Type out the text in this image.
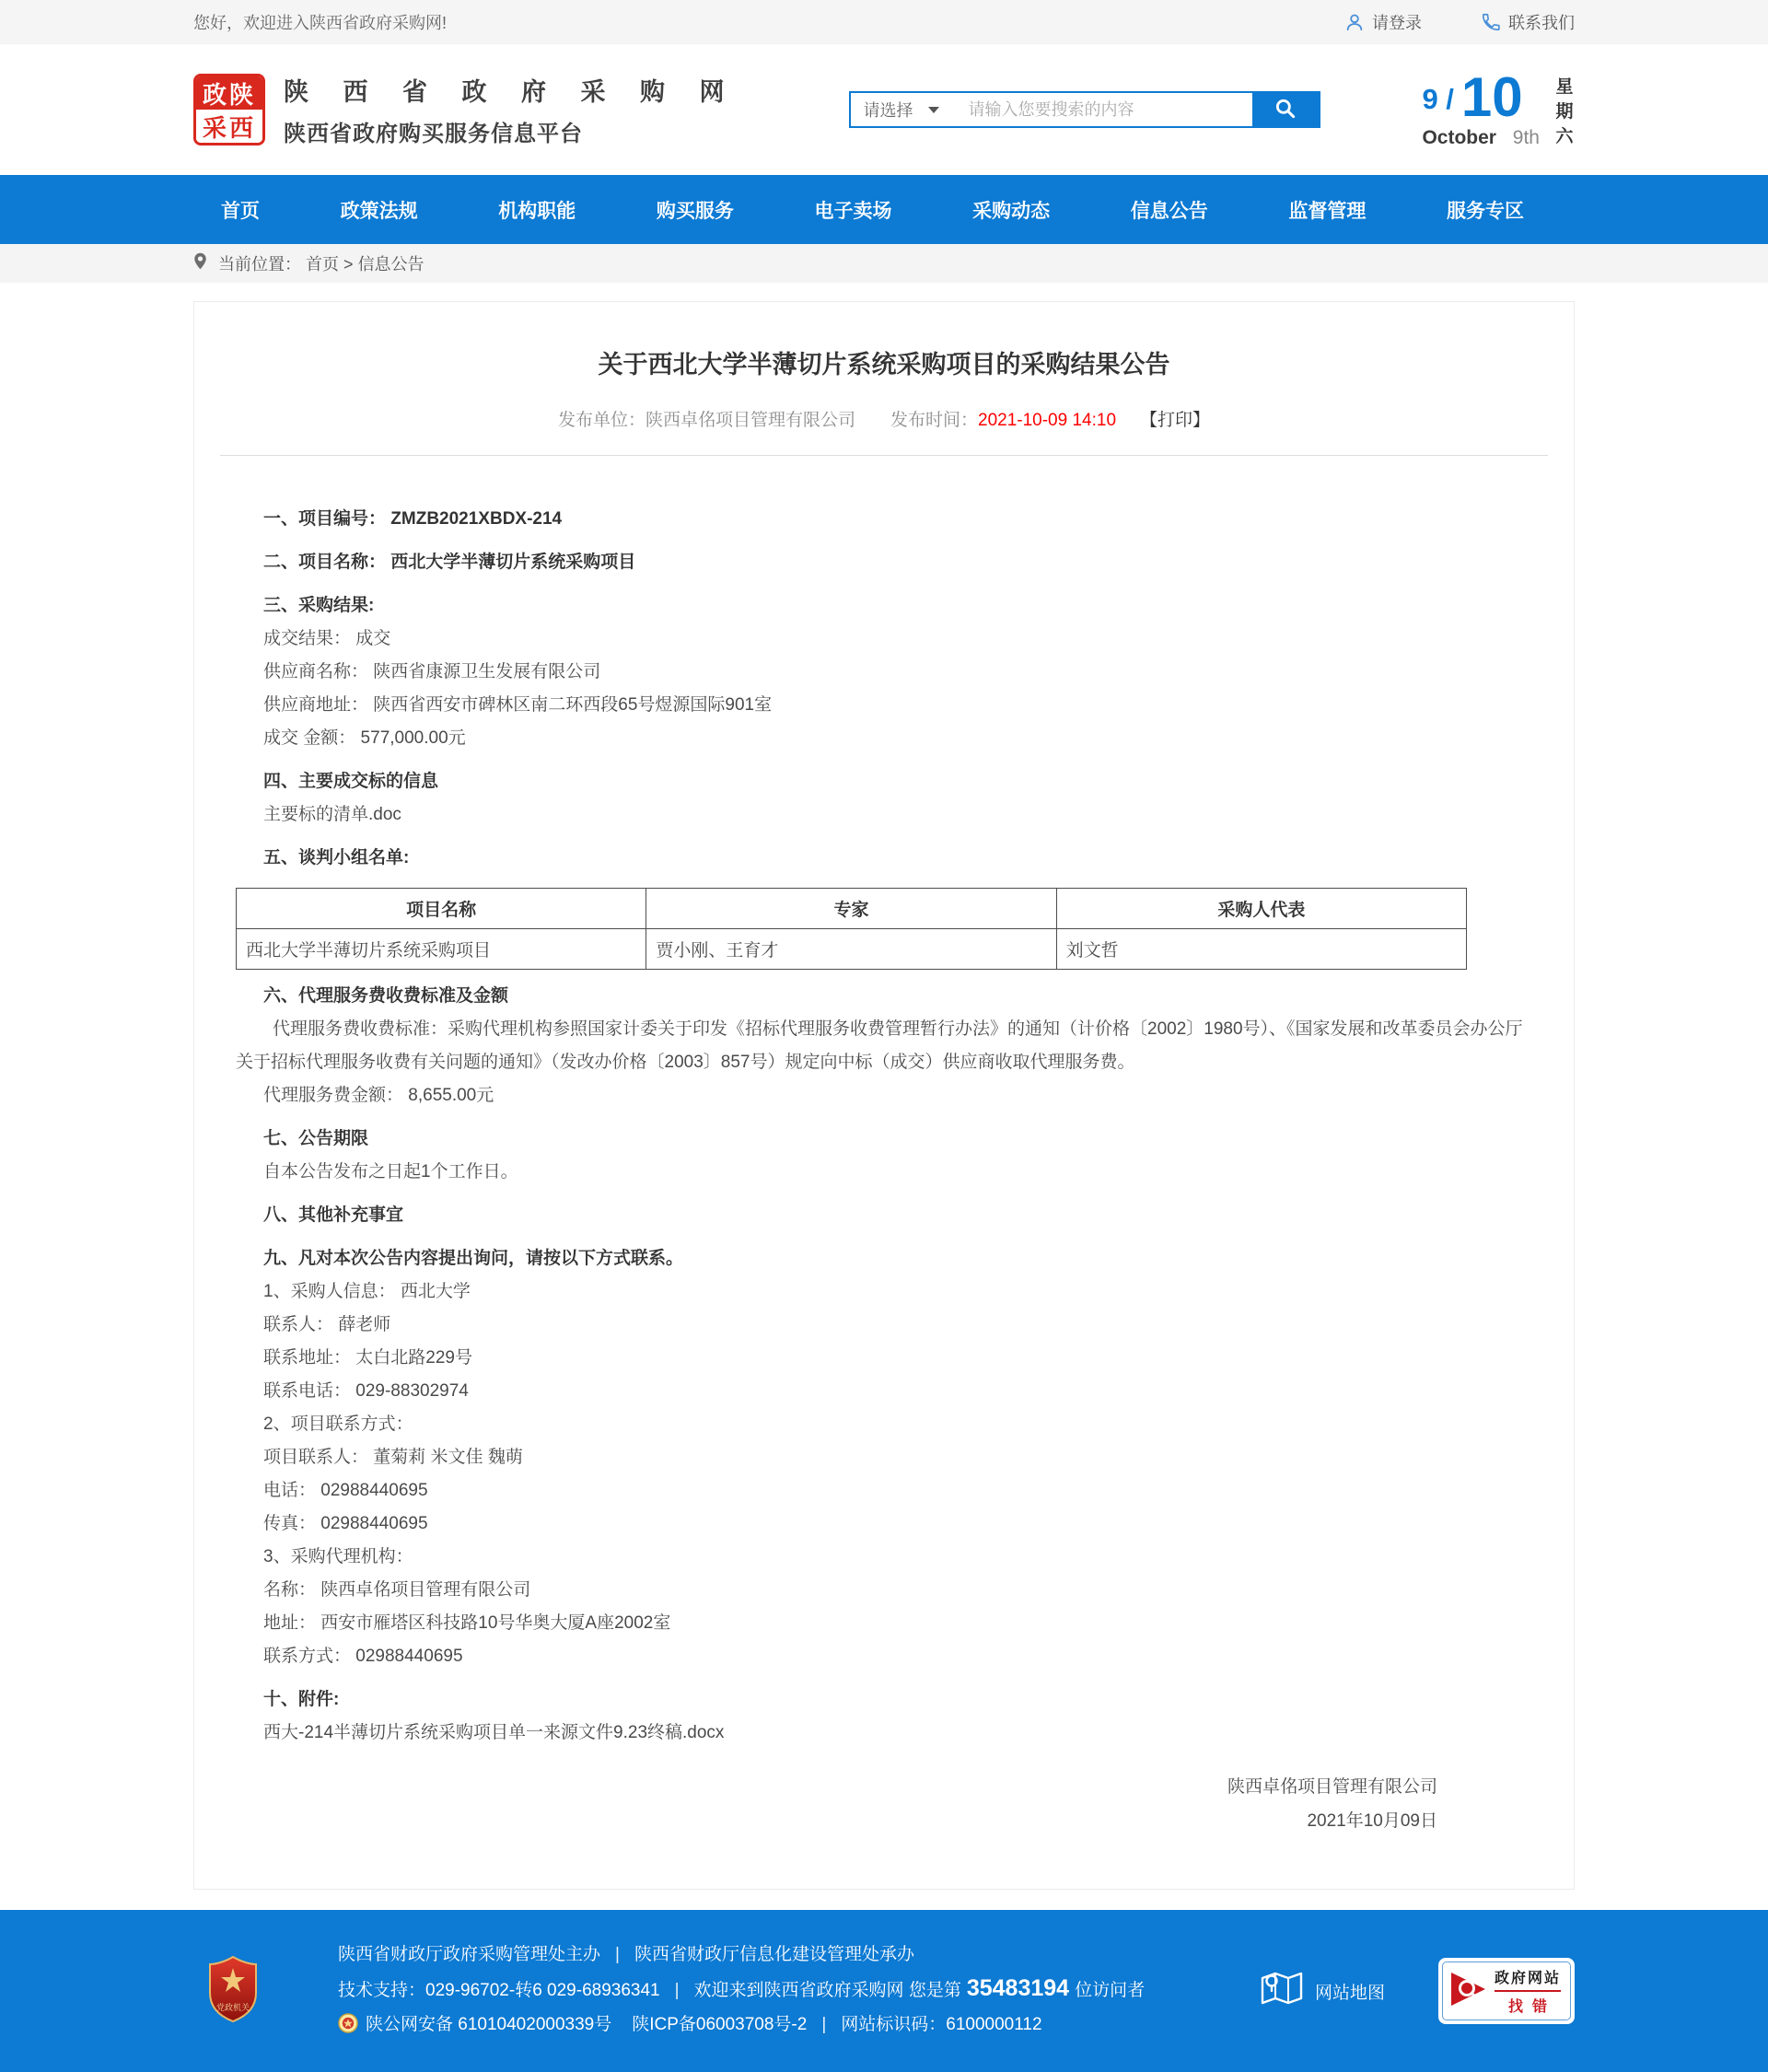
您好，欢迎进入陕西省政府采购网!	请登录	联系我们
政陕
采西
陕 西 省 政 府 采 购 网
陕西省政府购买服务信息平台
请选择
请输入您要搜索的内容	9 / 10
October 9th
星期六
首页	政策法规	机构职能	购买服务	电子卖场	采购动态	信息公告	监督管理	服务专区
当前位置： 首页 > 信息公告
关于西北大学半薄切片系统采购项目的采购结果公告
发布单位：陕西卓佲项目管理有限公司 发布时间：2021-10-09 14:10 【打印】

一、项目编号： ZMZB2021XBDX-214

二、项目名称： 西北大学半薄切片系统采购项目

三、采购结果:

成交结果： 成交

供应商名称： 陕西省康源卫生发展有限公司

供应商地址： 陕西省西安市碑林区南二环西段65号煜源国际901室

成交 金额： 577,000.00元

四、主要成交标的信息

主要标的清单.doc

五、谈判小组名单:

项目名称	专家	采购人代表
西北大学半薄切片系统采购项目	贾小刚、王育才	刘文哲

六、代理服务费收费标准及金额

代理服务费收费标准：采购代理机构参照国家计委关于印发《招标代理服务收费管理暂行办法》的通知（计价格〔2002〕1980号）、《国家发展和改革委员会办公厅关于招标代理服务收费有关问题的通知》（发改办价格〔2003〕857号）规定向中标（成交）供应商收取代理服务费。

代理服务费金额： 8,655.00元

七、公告期限

自本公告发布之日起1个工作日。

八、其他补充事宜

九、凡对本次公告内容提出询问，请按以下方式联系。

1、采购人信息： 西北大学

联系人： 薛老师

联系地址： 太白北路229号

联系电话： 029-88302974

2、项目联系方式：

项目联系人： 董菊莉 米文佳 魏萌

电话： 02988440695

传真： 02988440695

3、采购代理机构：

名称： 陕西卓佲项目管理有限公司

地址： 西安市雁塔区科技路10号华奥大厦A座2002室

联系方式： 02988440695

十、附件:

西大-214半薄切片系统采购项目单一来源文件9.23终稿.docx

陕西卓佲项目管理有限公司
2021年10月09日
党政机关
陕西省财政厅政府采购管理处主办 | 陕西省财政厅信息化建设管理处承办
技术支持：029-96702-转6 029-68936341 | 欢迎来到陕西省政府采购网 您是第 35483194 位访问者
陕公网安备 61010402000339号 陕ICP备06003708号-2 | 网站标识码：6100000112
网站地图
政府网站
找错
